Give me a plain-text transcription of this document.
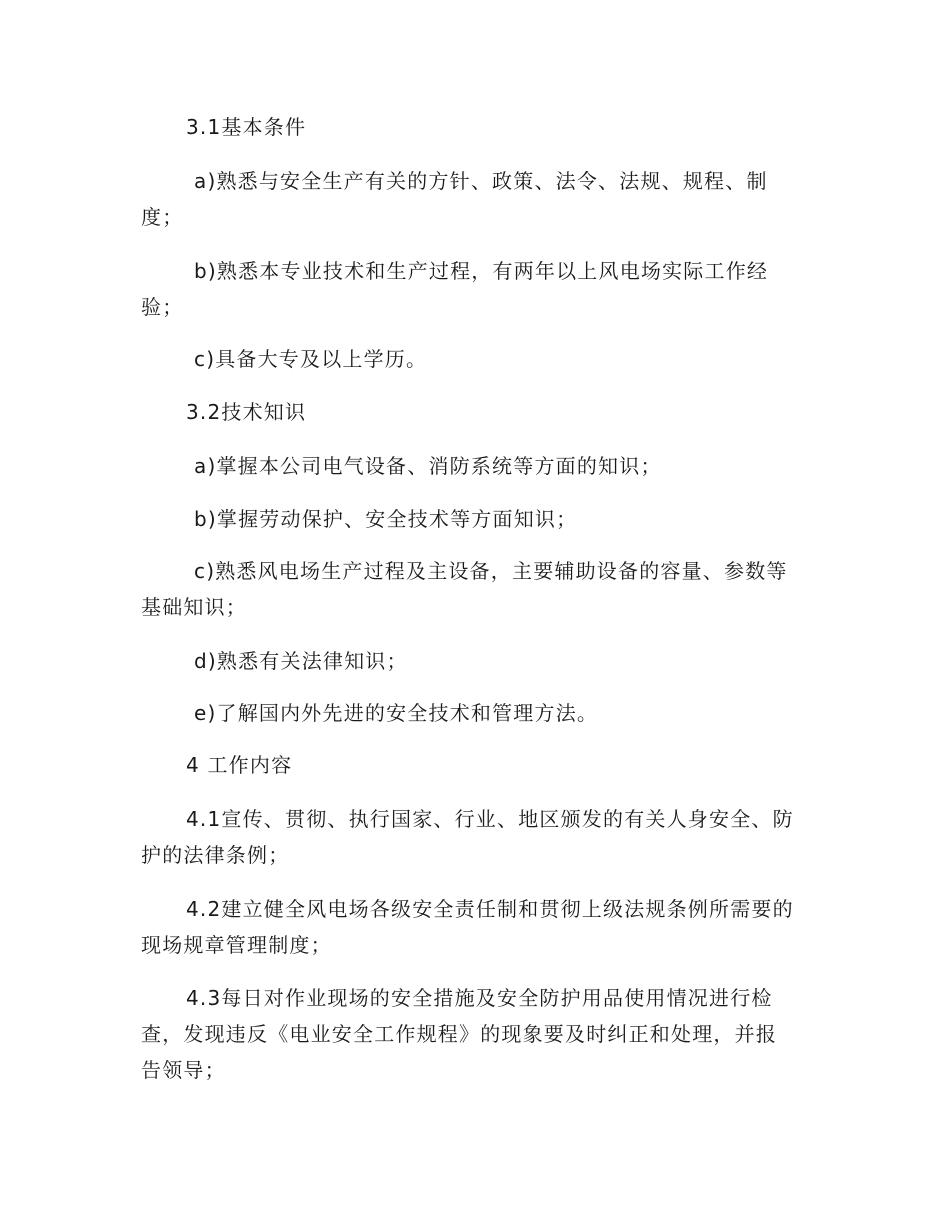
3.1基本条件
a)熟悉与安全生产有关的方针、政策、法令、法规、规程、制
度；
b)熟悉本专业技术和生产过程，有两年以上风电场实际工作经
验；
c)具备大专及以上学历。
3.2技术知识
a)掌握本公司电气设备、消防系统等方面的知识；
b)掌握劳动保护、安全技术等方面知识；
c)熟悉风电场生产过程及主设备，主要辅助设备的容量、参数等
基础知识；
d)熟悉有关法律知识；
e)了解国内外先进的安全技术和管理方法。
4 工作内容
4.1宣传、贯彻、执行国家、行业、地区颁发的有关人身安全、防
护的法律条例；
4.2建立健全风电场各级安全责任制和贯彻上级法规条例所需要的
现场规章管理制度；
4.3每日对作业现场的安全措施及安全防护用品使用情况进行检
查，发现违反《电业安全工作规程》的现象要及时纠正和处理，并报
告领导；
